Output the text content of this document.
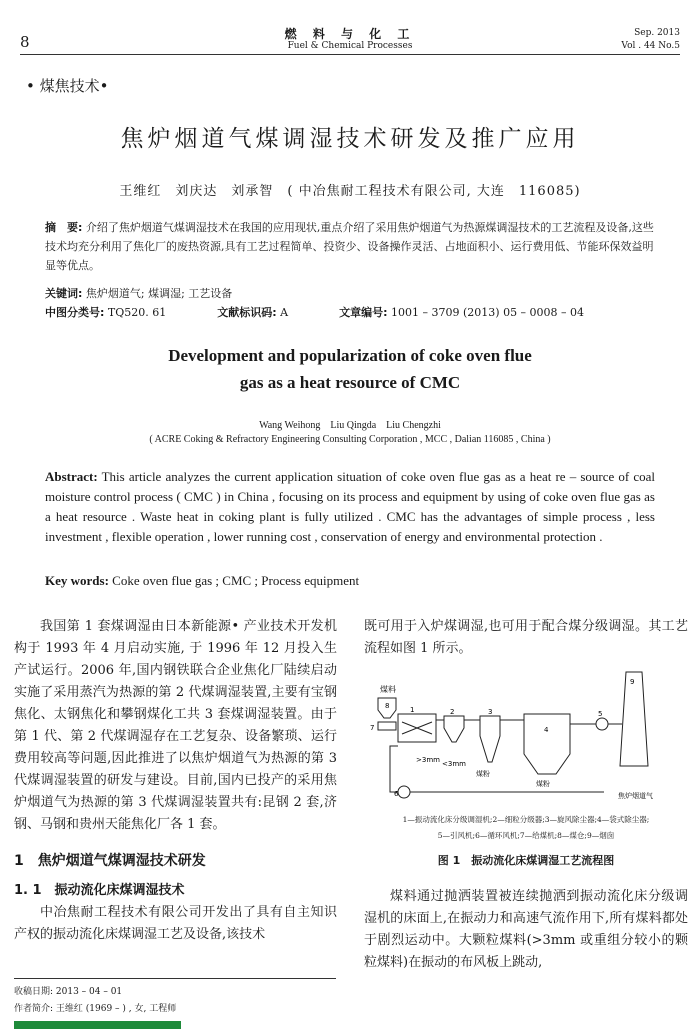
8	燃 料 与 化 工
Fuel & Chemical Processes
Sep. 2013
Vol . 44 No.5
• 煤焦技术•
焦炉烟道气煤调湿技术研发及推广应用
王维红　刘庆达　刘承智　( 中冶焦耐工程技术有限公司, 大连　116085)
摘　要: 介绍了焦炉烟道气煤调湿技术在我国的应用现状,重点介绍了采用焦炉烟道气为热源煤调湿技术的工艺流程及设备,这些技术均充分利用了焦化厂的废热资源,具有工艺过程简单、投资少、设备操作灵活、占地面积小、运行费用低、节能环保效益明显等优点。
关键词: 焦炉烟道气; 煤调湿; 工艺设备
中图分类号: TQ520. 61	文献标识码: A	文章编号: 1001 – 3709 (2013) 05 – 0008 – 04
Development and popularization of coke oven flue
gas as a heat resource of CMC
Wang Weihong　Liu Qingda　Liu Chengzhi
( ACRE Coking & Refractory Engineering Consulting Corporation , MCC , Dalian 116085 , China )
Abstract: This article analyzes the current application situation of coke oven flue gas as a heat re – source of coal moisture control process ( CMC ) in China , focusing on its process and equipment by using of coke oven flue gas as a heat resource . Waste heat in coking plant is fully utilized . CMC has the advantages of simple process , less investment , flexible operation , lower running cost , conservation of energy and environmental protection .
Key words: Coke oven flue gas ; CMC ; Process equipment

我国第 1 套煤调湿由日本新能源• 产业技术开发机构于 1993 年 4 月启动实施, 于 1996 年 12 月投入生产试运行。2006 年,国内钢铁联合企业焦化厂陆续启动实施了采用蒸汽为热源的第 2 代煤调湿装置,主要有宝钢焦化、太钢焦化和攀钢煤化工共 3 套煤调湿装置。由于第 1 代、第 2 代煤调湿存在工艺复杂、设备繁琐、运行费用较高等问题,因此推进了以焦炉烟道气为热源的第 3 代煤调湿装置的研发与建设。目前,国内已投产的采用焦炉烟道气为热源的第 3 代煤调湿装置共有:昆钢 2 套,济钢、马钢和贵州天能焦化厂各 1 套。

1　焦炉烟道气煤调湿技术研发

1. 1　振动流化床煤调湿技术

中冶焦耐工程技术有限公司开发出了具有自主知识产权的振动流化床煤调湿工艺及设备,该技术

既可用于入炉煤调湿,也可用于配合煤分级调湿。其工艺流程如图 1 所示。
煤料
8
7
1	2	3
4
5
9
6
>3mm <3mm
煤粉
煤粉
焦炉烟道气
1—振动流化床分级调湿机;2—细粒分级器;3—旋风除尘器;4—袋式除尘器;
5—引风机;6—循环风机;7—给煤机;8—煤仓;9—烟囱
图 1　振动流化床煤调湿工艺流程图

煤料通过抛洒装置被连续抛洒到振动流化床分级调湿机的床面上,在振动力和高速气流作用下,所有煤料都处于剧烈运动中。大颗粒煤料(>3mm 或重组分较小的颗粒煤料)在振动的布风板上跳动,

收稿日期: 2013 – 04 – 01
作者简介: 王维红 (1969 – ) , 女, 工程师
